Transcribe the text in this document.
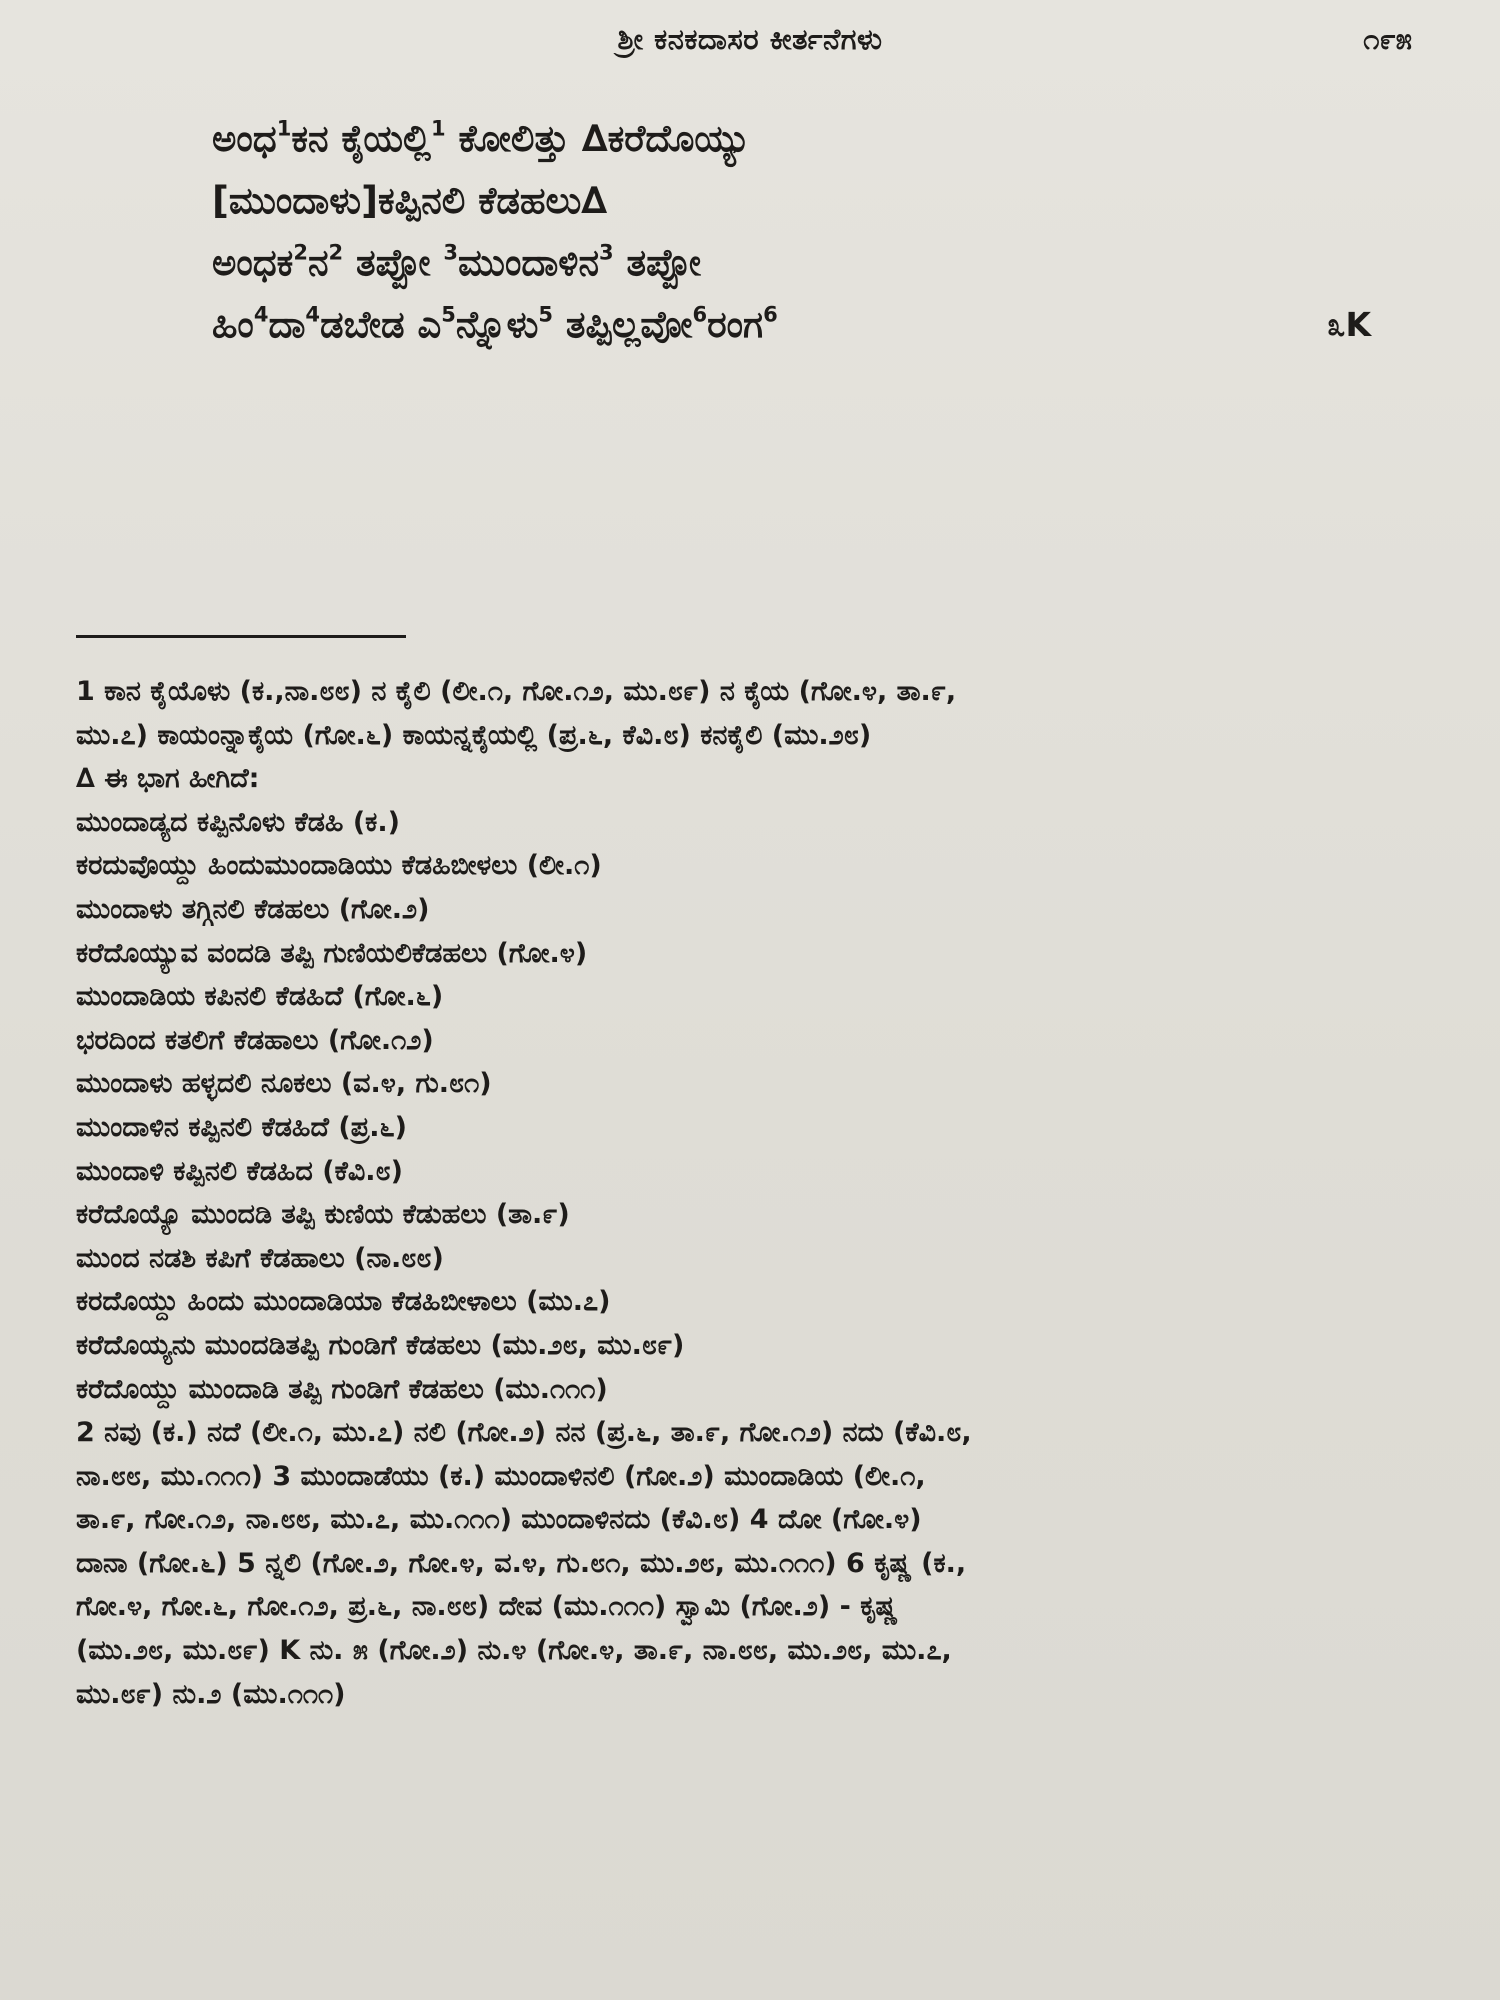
ಶ್ರೀ ಕನಕದಾಸರ ಕೀರ್ತನೆಗಳು	೧೯೫
ಅಂಧ$^1$ಕನ ಕೈಯಲ್ಲಿ$^1$ ಕೋಲಿತ್ತು ∆ಕರೆದೊಯ್ಯು
[ಮುಂದಾಳು]ಕಪ್ಪಿನಲಿ ಕೆಡಹಲು∆
ಅಂಧಕ$^2$ನ$^2$ ತಪ್ಪೋ $^3$ಮುಂದಾಳಿನ$^3$ ತಪ್ಪೋ
ಹಿಂ$^4$ದಾ$^4$ಡಬೇಡ ಎ$^5$ನ್ನೊಳು$^5$ ತಪ್ಪಿಲ್ಲವೋ$^6$ರಂಗ$^6$	೩K
1 ಕಾನ ಕೈಯೊಳು (ಕ.,ನಾ.೮೮) ನ ಕೈಲಿ (ಲೀ.೧, ಗೋ.೧೨, ಮು.೮೯) ನ ಕೈಯ (ಗೋ.೪, ತಾ.೯,
ಮು.೭) ಕಾಯಂನ್ನಾಕೈಯ (ಗೋ.೬) ಕಾಯನ್ನಕೈಯಲ್ಲಿ (ಪ್ರ.೬, ಕೆವಿ.೮) ಕನಕೈಲಿ (ಮು.೨೮)
∆ ಈ ಭಾಗ ಹೀಗಿದೆ:
ಮುಂದಾಡ್ಯದ ಕಪ್ಪಿನೊಳು ಕೆಡಹಿ (ಕ.)
ಕರದುವೊಯ್ದು ಹಿಂದುಮುಂದಾಡಿಯು ಕೆಡಹಿಬೀಳಲು (ಲೀ.೧)
ಮುಂದಾಳು ತಗ್ಗಿನಲಿ ಕೆಡಹಲು (ಗೋ.೨)
ಕರೆದೊಯ್ಯುವ ವಂದಡಿ ತಪ್ಪಿ ಗುಣಿಯಲಿಕೆಡಹಲು (ಗೋ.೪)
ಮುಂದಾಡಿಯ ಕಪಿನಲಿ ಕೆಡಹಿದೆ (ಗೋ.೬)
ಭರದಿಂದ ಕತಲಿಗೆ ಕೆಡಹಾಲು (ಗೋ.೧೨)
ಮುಂದಾಳು ಹಳ್ಳದಲಿ ನೂಕಲು (ವ.೪, ಗು.೮೧)
ಮುಂದಾಳಿನ ಕಪ್ಪಿನಲಿ ಕೆಡಹಿದೆ (ಪ್ರ.೬)
ಮುಂದಾಳಿ ಕಪ್ಪಿನಲಿ ಕೆಡಹಿದ (ಕೆವಿ.೮)
ಕರೆದೊಯ್ಯೊ ಮುಂದಡಿ ತಪ್ಪಿ ಕುಣಿಯ ಕೆಡುಹಲು (ತಾ.೯)
ಮುಂದ ನಡಶಿ ಕಪಿಗೆ ಕೆಡಹಾಲು (ನಾ.೮೮)
ಕರದೊಯ್ದು ಹಿಂದು ಮುಂದಾಡಿಯಾ ಕೆಡಹಿಬೀಳಾಲು (ಮು.೭)
ಕರೆದೊಯ್ಯನು ಮುಂದಡಿತಪ್ಪಿ ಗುಂಡಿಗೆ ಕೆಡಹಲು (ಮು.೨೮, ಮು.೮೯)
ಕರೆದೊಯ್ದು ಮುಂದಾಡಿ ತಪ್ಪಿ ಗುಂಡಿಗೆ ಕೆಡಹಲು (ಮು.೧೧೧)
2 ನವು (ಕ.) ನದೆ (ಲೀ.೧, ಮು.೭) ನಲಿ (ಗೋ.೨) ನನ (ಪ್ರ.೬, ತಾ.೯, ಗೋ.೧೨) ನದು (ಕೆವಿ.೮,
ನಾ.೮೮, ಮು.೧೧೧) 3 ಮುಂದಾಡೆಯು (ಕ.) ಮುಂದಾಳಿನಲಿ (ಗೋ.೨) ಮುಂದಾಡಿಯ (ಲೀ.೧,
ತಾ.೯, ಗೋ.೧೨, ನಾ.೮೮, ಮು.೭, ಮು.೧೧೧) ಮುಂದಾಳಿನದು (ಕೆವಿ.೮) 4 ದೋ (ಗೋ.೪)
ದಾನಾ (ಗೋ.೬) 5 ನ್ನಲಿ (ಗೋ.೨, ಗೋ.೪, ವ.೪, ಗು.೮೧, ಮು.೨೮, ಮು.೧೧೧) 6 ಕೃಷ್ಣ (ಕ.,
ಗೋ.೪, ಗೋ.೬, ಗೋ.೧೨, ಪ್ರ.೬, ನಾ.೮೮) ದೇವ (ಮು.೧೧೧) ಸ್ವಾಮಿ (ಗೋ.೨) - ಕೃಷ್ಣ
(ಮು.೨೮, ಮು.೮೯) K ನು. ೫ (ಗೋ.೨) ನು.೪ (ಗೋ.೪, ತಾ.೯, ನಾ.೮೮, ಮು.೨೮, ಮು.೭,
ಮು.೮೯) ನು.೨ (ಮು.೧೧೧)
